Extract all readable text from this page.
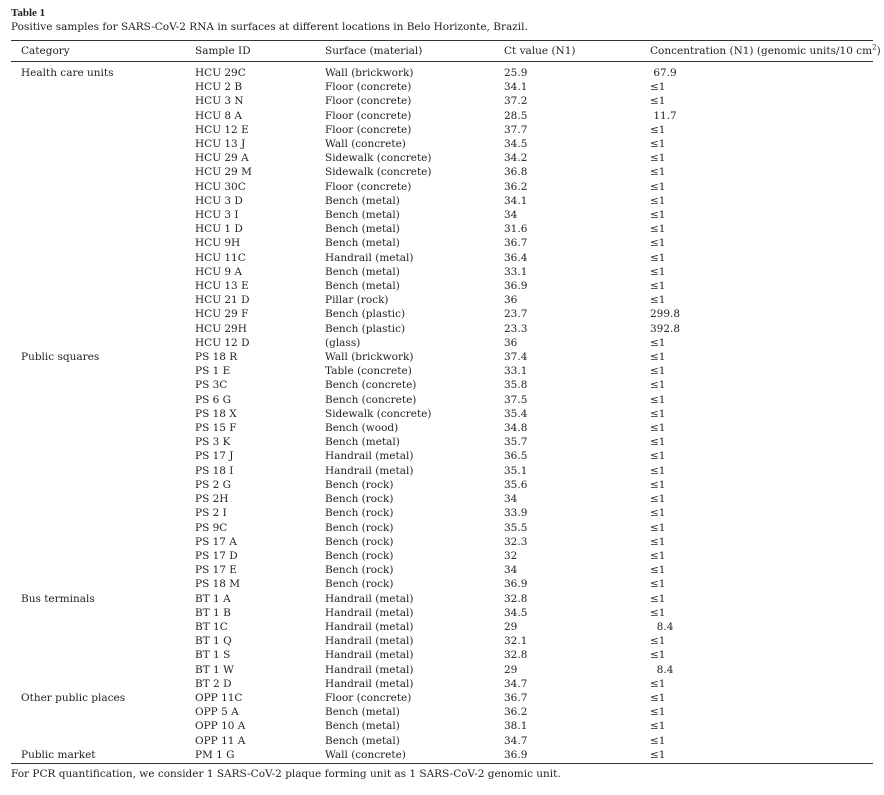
Table 1

Positive samples for SARS-CoV-2 RNA in surfaces at different locations in Belo Horizonte, Brazil.

Category	Sample ID	Surface (material)	Ct value (N1)	Concentration (N1) (genomic units/10 $cm^2$)
Health care units	HCU 29C	Wall (brickwork)	25.9	67.9
	HCU 2 B	Floor (concrete)	34.1	≤1
	HCU 3 N	Floor (concrete)	37.2	≤1
	HCU 8 A	Floor (concrete)	28.5	11.7
	HCU 12 E	Floor (concrete)	37.7	≤1
	HCU 13 J	Wall (concrete)	34.5	≤1
	HCU 29 A	Sidewalk (concrete)	34.2	≤1
	HCU 29 M	Sidewalk (concrete)	36.8	≤1
	HCU 30C	Floor (concrete)	36.2	≤1
	HCU 3 D	Bench (metal)	34.1	≤1
	HCU 3 I	Bench (metal)	34	≤1
	HCU 1 D	Bench (metal)	31.6	≤1
	HCU 9H	Bench (metal)	36.7	≤1
	HCU 11C	Handrail (metal)	36.4	≤1
	HCU 9 A	Bench (metal)	33.1	≤1
	HCU 13 E	Bench (metal)	36.9	≤1
	HCU 21 D	Pillar (rock)	36	≤1
	HCU 29 F	Bench (plastic)	23.7	299.8
	HCU 29H	Bench (plastic)	23.3	392.8
	HCU 12 D	(glass)	36	≤1
Public squares	PS 18 R	Wall (brickwork)	37.4	≤1
	PS 1 E	Table (concrete)	33.1	≤1
	PS 3C	Bench (concrete)	35.8	≤1
	PS 6 G	Bench (concrete)	37.5	≤1
	PS 18 X	Sidewalk (concrete)	35.4	≤1
	PS 15 F	Bench (wood)	34.8	≤1
	PS 3 K	Bench (metal)	35.7	≤1
	PS 17 J	Handrail (metal)	36.5	≤1
	PS 18 I	Handrail (metal)	35.1	≤1
	PS 2 G	Bench (rock)	35.6	≤1
	PS 2H	Bench (rock)	34	≤1
	PS 2 I	Bench (rock)	33.9	≤1
	PS 9C	Bench (rock)	35.5	≤1
	PS 17 A	Bench (rock)	32.3	≤1
	PS 17 D	Bench (rock)	32	≤1
	PS 17 E	Bench (rock)	34	≤1
	PS 18 M	Bench (rock)	36.9	≤1
Bus terminals	BT 1 A	Handrail (metal)	32.8	≤1
	BT 1 B	Handrail (metal)	34.5	≤1
	BT 1C	Handrail (metal)	29	8.4
	BT 1 Q	Handrail (metal)	32.1	≤1
	BT 1 S	Handrail (metal)	32.8	≤1
	BT 1 W	Handrail (metal)	29	8.4
	BT 2 D	Handrail (metal)	34.7	≤1
Other public places	OPP 11C	Floor (concrete)	36.7	≤1
	OPP 5 A	Bench (metal)	36.2	≤1
	OPP 10 A	Bench (metal)	38.1	≤1
	OPP 11 A	Bench (metal)	34.7	≤1
Public market	PM 1 G	Wall (concrete)	36.9	≤1
For PCR quantification, we consider 1 SARS-CoV-2 plaque forming unit as 1 SARS-CoV-2 genomic unit.
